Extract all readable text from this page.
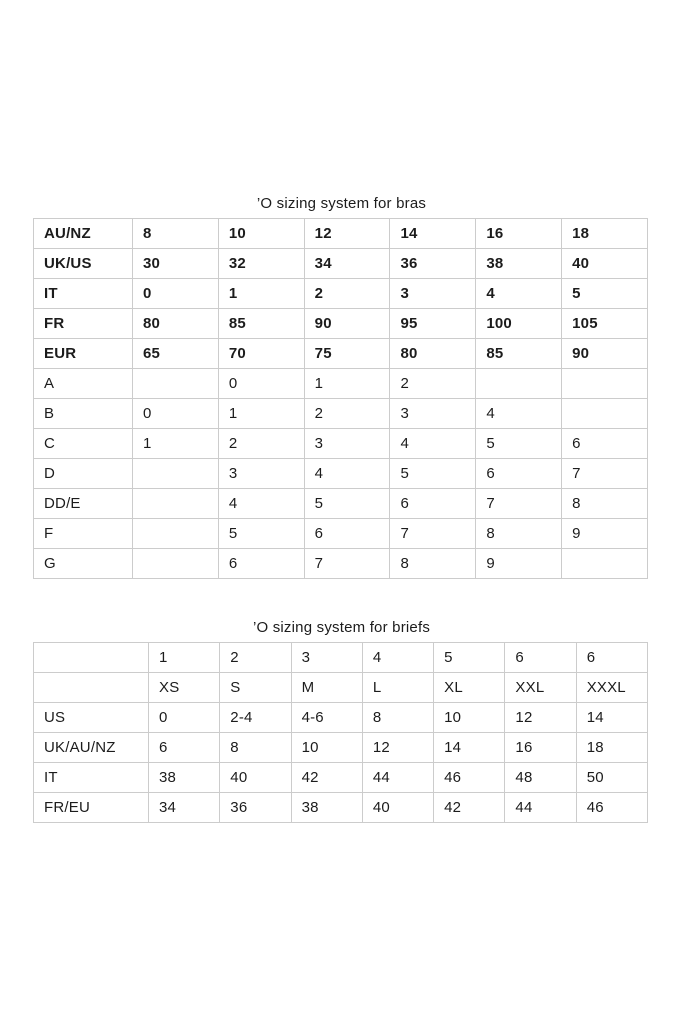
’O sizing system for bras
AU/NZ	8	10	12	14	16	18
UK/US	30	32	34	36	38	40
IT	0	1	2	3	4	5
FR	80	85	90	95	100	105
EUR	65	70	75	80	85	90
A		0	1	2		
B	0	1	2	3	4	
C	1	2	3	4	5	6
D		3	4	5	6	7
DD/E		4	5	6	7	8
F		5	6	7	8	9
G		6	7	8	9	
’O sizing system for briefs
	1	2	3	4	5	6	6
	XS	S	M	L	XL	XXL	XXXL
US	0	2-4	4-6	8	10	12	14
UK/AU/NZ	6	8	10	12	14	16	18
IT	38	40	42	44	46	48	50
FR/EU	34	36	38	40	42	44	46
